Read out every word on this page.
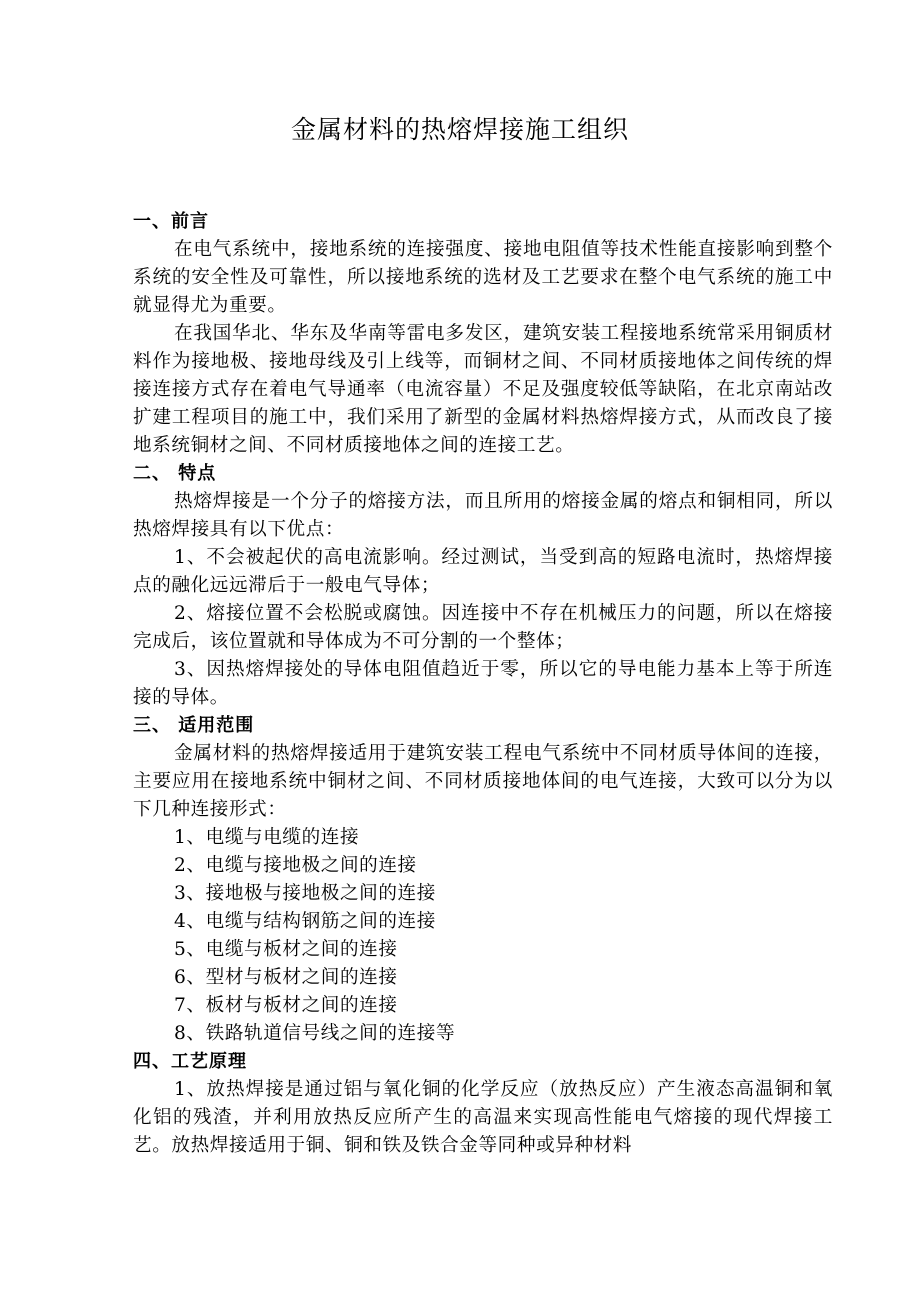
金属材料的热熔焊接施工组织

一、前言

在电气系统中，接地系统的连接强度、接地电阻值等技术性能直接影响到整个系统的安全性及可靠性，所以接地系统的选材及工艺要求在整个电气系统的施工中就显得尤为重要。

在我国华北、华东及华南等雷电多发区，建筑安装工程接地系统常采用铜质材料作为接地极、接地母线及引上线等，而铜材之间、不同材质接地体之间传统的焊接连接方式存在着电气导通率（电流容量）不足及强度较低等缺陷，在北京南站改扩建工程项目的施工中，我们采用了新型的金属材料热熔焊接方式，从而改良了接地系统铜材之间、不同材质接地体之间的连接工艺。

二、 特点

热熔焊接是一个分子的熔接方法，而且所用的熔接金属的熔点和铜相同，所以热熔焊接具有以下优点：

1、不会被起伏的高电流影响。经过测试，当受到高的短路电流时，热熔焊接点的融化远远滞后于一般电气导体；

2、熔接位置不会松脱或腐蚀。因连接中不存在机械压力的问题，所以在熔接完成后，该位置就和导体成为不可分割的一个整体；

3、因热熔焊接处的导体电阻值趋近于零，所以它的导电能力基本上等于所连接的导体。

三、 适用范围

金属材料的热熔焊接适用于建筑安装工程电气系统中不同材质导体间的连接，主要应用在接地系统中铜材之间、不同材质接地体间的电气连接，大致可以分为以下几种连接形式：

1、电缆与电缆的连接

2、电缆与接地极之间的连接

3、接地极与接地极之间的连接

4、电缆与结构钢筋之间的连接

5、电缆与板材之间的连接

6、型材与板材之间的连接

7、板材与板材之间的连接

8、铁路轨道信号线之间的连接等

四、工艺原理

1、放热焊接是通过铝与氧化铜的化学反应（放热反应）产生液态高温铜和氧化铝的残渣，并利用放热反应所产生的高温来实现高性能电气熔接的现代焊接工艺。放热焊接适用于铜、铜和铁及铁合金等同种或异种材料
